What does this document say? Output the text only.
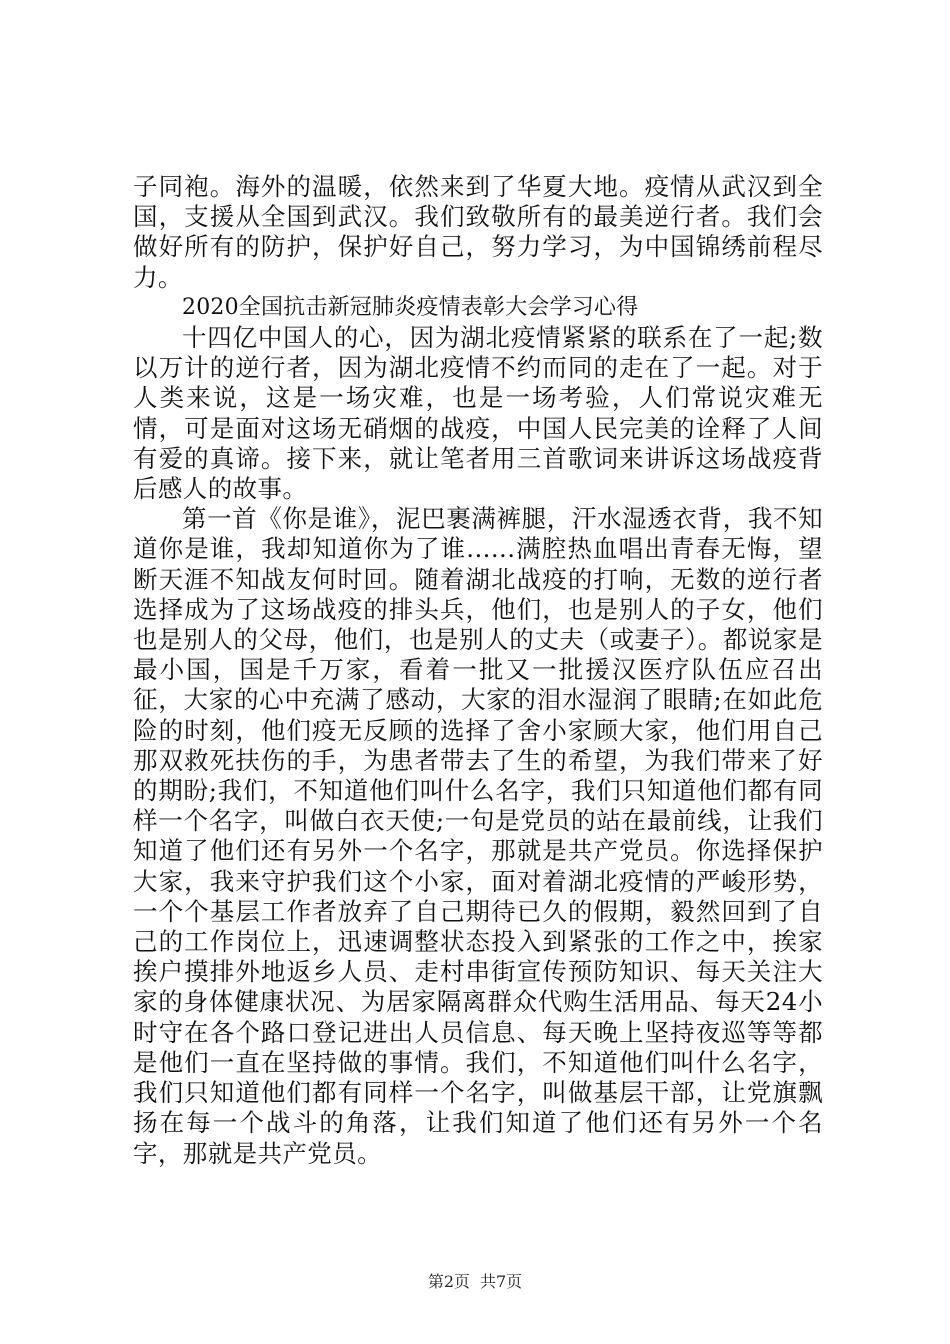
子同袍。海外的温暖，依然来到了华夏大地。疫情从武汉到全国，支援从全国到武汉。我们致敬所有的最美逆行者。我们会做好所有的防护，保护好自己，努力学习，为中国锦绣前程尽力。

2020全国抗击新冠肺炎疫情表彰大会学习心得

十四亿中国人的心，因为湖北疫情紧紧的联系在了一起;数以万计的逆行者，因为湖北疫情不约而同的走在了一起。对于人类来说，这是一场灾难，也是一场考验，人们常说灾难无情，可是面对这场无硝烟的战疫，中国人民完美的诠释了人间有爱的真谛。接下来，就让笔者用三首歌词来讲诉这场战疫背后感人的故事。

第一首《你是谁》，泥巴裹满裤腿，汗水湿透衣背，我不知道你是谁，我却知道你为了谁......满腔热血唱出青春无悔，望断天涯不知战友何时回。随着湖北战疫的打响，无数的逆行者选择成为了这场战疫的排头兵，他们，也是别人的子女，他们也是别人的父母，他们，也是别人的丈夫（或妻子）。都说家是最小国，国是千万家，看着一批又一批援汉医疗队伍应召出征，大家的心中充满了感动，大家的泪水湿润了眼睛;在如此危险的时刻，他们疫无反顾的选择了舍小家顾大家，他们用自己那双救死扶伤的手，为患者带去了生的希望，为我们带来了好的期盼;我们，不知道他们叫什么名字，我们只知道他们都有同样一个名字，叫做白衣天使;一句是党员的站在最前线，让我们知道了他们还有另外一个名字，那就是共产党员。你选择保护大家，我来守护我们这个小家，面对着湖北疫情的严峻形势，一个个基层工作者放弃了自己期待已久的假期，毅然回到了自己的工作岗位上，迅速调整状态投入到紧张的工作之中，挨家挨户摸排外地返乡人员、走村串街宣传预防知识、每天关注大家的身体健康状况、为居家隔离群众代购生活用品、每天24小时守在各个路口登记进出人员信息、每天晚上坚持夜巡等等都是他们一直在坚持做的事情。我们，不知道他们叫什么名字，我们只知道他们都有同样一个名字，叫做基层干部，让党旗飘扬在每一个战斗的角落，让我们知道了他们还有另外一个名字，那就是共产党员。

第2页 共7页
